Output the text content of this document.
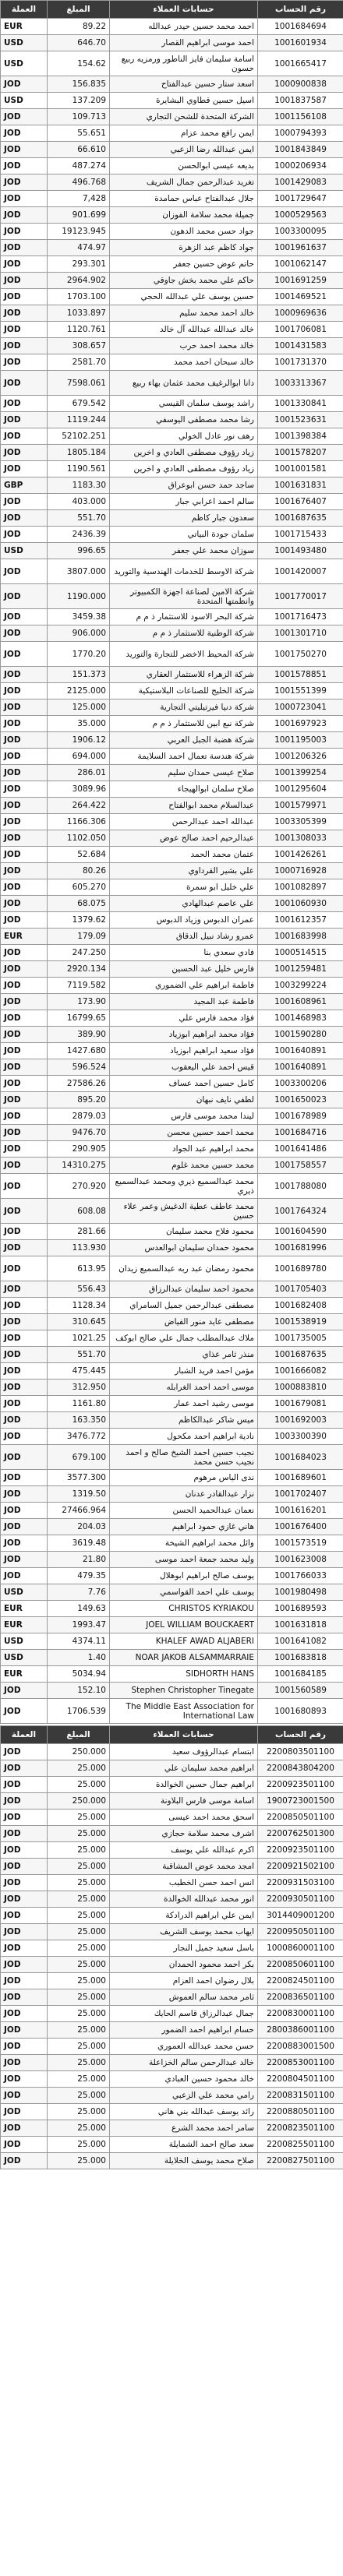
العملة	المبلغ	حسابات العملاء	رقم الحساب
EUR	89.22	احمد محمد حسين حيدر عبدالله	1001684694
USD	646.70	احمد موسى ابراهيم القصار	1001601934
USD	154.62	اسامة سليمان فايز الناطور ورمزيه ربيع حسون	1001665417
JOD	156.835	اسعد ستار حسين عبدالفتاح	1000900838
USD	137.209	اسيل حسين قطاوي البشايرة	1001837587
JOD	109.713	الشركة المتحدة للشحن التجاري	1001156108
JOD	55.651	ايمن رافع محمد عزام	1000794393
JOD	66.610	ايمن عبدالله رضا الزعبي	1001843849
JOD	487.274	بديعه عيسى ابوالحسن	1000206934
JOD	496.768	تغريد عبدالرحمن جمال الشريف	1001429083
JOD	7,428	جلال عبدالفتاح عباس حمامدة	1001729647
JOD	901.699	جميلة محمد سلامة الفوزان	1000529563
JOD	19123.945	جواد حسن محمد الدهون	1003300095
JOD	474.97	جواد كاظم عبد الزهرة	1001961637
JOD	293.301	حاتم عوض حسين جعفر	1001062147
JOD	2964.902	حاكم علي محمد بخش جاوقي	1001691259
JOD	1703.100	حسين يوسف علي عبدالله الحجي	1001469521
JOD	1033.897	خالد احمد محمد سليم	1000969636
JOD	1120.761	خالد عبدالله عبدالله آل خالد	1001706081
JOD	308.657	خالد محمد احمد حرب	1001431583
JOD	2581.70	خالد سبحان احمد محمد	1001731370
JOD	7598.061	دانا ابوالرغيف محمد عثمان بهاء ربيع	1003313367
JOD	679.542	راشد يوسف سلمان القيسي	1001330841
JOD	1119.244	رشا محمد مصطفى اليوسفي	1001523631
JOD	52102.251	رهف نور عادل الخولي	1001398384
JOD	1805.184	زياد رؤوف مصطفى العادي و اخرين	1001578207
JOD	1190.561	زياد رؤوف مصطفى العادي و اخرين	1001001581
GBP	1183.30	ساجد حمد حسن ابوعراق	1001631831
JOD	403.000	سالم احمد اعرابي جبار	1001676407
JOD	551.70	سعدون جبار كاظم	1001687635
JOD	2436.39	سلمان جودة البياتي	1001715433
USD	996.65	سوزان محمد علي جعفر	1001493480
JOD	3807.000	شركة الاوسط للخدمات الهندسية والتوريد	1001420007
JOD	1190.000	شركة الامين لصناعة اجهزة الكمبيوتر وانظمتها المتحدة	1001770017
JOD	3459.38	شركة البحر الاسود للاستثمار ذ م م	1001716473
JOD	906.000	شركة الوطنية للاستثمار ذ م م	1001301710
JOD	1770.20	شركة المحيط الاخضر للتجارة والتوريد	1001750270
JOD	151.373	شركة الزهراء للاستثمار العقاري	1001578851
JOD	2125.000	شركة الخليج للصناعات البلاستيكية	1001551399
JOD	125.000	شركة دنيا فيرتيليتي التجارية	1000723041
JOD	35.000	شركة نبع ابين للاستثمار ذ م م	1001697923
JOD	1906.12	شركة هضبة الجبل العربي	1001195003
JOD	694.000	شركة هندسة تعمال احمد السلايمة	1001206326
JOD	286.01	صلاح عيسى حمدان سليم	1001399254
JOD	3089.96	صلاح سلمان ابوالهيجاء	1001295604
JOD	264.422	عبدالسلام محمد ابوالفتاح	1001579971
JOD	1166.306	عبدالله احمد عبدالرحمن	1003305399
JOD	1102.050	عبدالرحيم احمد صالح عوض	1001308033
JOD	52.684	عثمان محمد الحمد	1001426261
JOD	80.26	علي بشير القرداوي	1000716928
JOD	605.270	علي خليل ابو سمرة	1001082897
JOD	68.075	علي عاصم عبدالهادي	1001060930
JOD	1379.62	عمران الدبوس وزياد الدبوس	1001612357
EUR	179.09	عمرو رشاد نبيل الدقاق	1001683998
JOD	247.250	فادي سعدي بنا	1000514515
JOD	2920.134	فارس خليل عبد الحسين	1001259481
JOD	7119.582	فاطمة ابراهيم علي الضموري	1003299224
JOD	173.90	فاطمة عبد المجيد	1001608961
JOD	16799.65	فؤاد محمد فارس علي	1001468983
JOD	389.90	فؤاد محمد ابراهيم ابوزياد	1001590280
JOD	1427.680	فؤاد سعيد ابراهيم ابوزياد	1001640891
JOD	596.524	قيس احمد علي اليعقوب	1001640891
JOD	27586.26	كامل حسين احمد عساف	1003300206
JOD	895.20	لطفي نايف نبهان	1001650023
JOD	2879.03	ليندا محمد موسى فارس	1001678989
JOD	9476.70	محمد احمد حسين محسن	1001684716
JOD	290.905	محمد ابراهيم عبد الجواد	1001641486
JOD	14310.275	محمد حسين محمد غلوم	1001758557
JOD	270.920	محمد عبدالسميع ذيري ومحمد عبدالسميع ذيري	1001788080
JOD	608.08	محمد عاطف عطية الدغيش وعمر علاء حسين	1001764324
JOD	281.66	محمود فلاح محمد سليمان	1001604590
JOD	113.930	محمود حمدان سليمان ابوالعدس	1001681996
JOD	613.95	محمود رمضان عبد ربه عبدالسميع زيدان	1001689780
JOD	556.43	محمود احمد سليمان عبدالرزاق	1001705403
JOD	1128.34	مصطفى عبدالرحمن جميل السامراي	1001682408
JOD	310.645	مصطفى عايد منور الفياض	1001538919
JOD	1021.25	ملاك عبدالمطلب جمال علي صالح ابوكف	1001735005
JOD	551.70	منذر ثامر عذاي	1001687635
JOD	475.445	مؤمن احمد فريد الشبار	1001666082
JOD	312.950	موسى احمد احمد الغرابله	1000883810
JOD	1161.80	موسى رشيد احمد عمار	1001679081
JOD	163.350	ميس شاكر عبدالكاظم	1001692003
JOD	3476.772	نادية ابراهيم احمد مكحول	1003300390
JOD	679.100	نجيب حسين احمد الشيخ صالح و احمد نجيب حسن محمد	1001684023
JOD	3577.300	ندى الياس مرهوم	1001689601
JOD	1319.50	نزار عبدالقادر عدنان	1001702407
JOD	27466.964	نعمان عبدالحميد الحسن	1001616201
JOD	204.03	هاني غازي حمود ابراهيم	1001676400
JOD	3619.48	وائل محمد ابراهيم الشيخة	1001573519
JOD	21.80	وليد محمد جمعة احمد موسى	1001623008
JOD	479.35	يوسف صالح ابراهيم ابوهلال	1001766033
USD	7.76	يوسف علي احمد القواسمي	1001980498
EUR	149.63	CHRISTOS KYRIAKOU	1001689593
EUR	1993.47	JOEL WILLIAM BOUCKAERT	1001631818
USD	4374.11	KHALEF AWAD ALJABERI	1001641082
USD	1.40	NOAR JAKOB ALSAMMARRAIE	1001683818
EUR	5034.94	SIDHORTH HANS	1001684185
JOD	152.10	Stephen Christopher Tinegate	1001560589
JOD	1706.539	The Middle East Association for International Law	1001680893
العملة	المبلغ	حسابات العملاء	رقم الحساب
JOD	250.000	ابتسام عبدالرؤوف سعيد	2200803501100
JOD	25.000	ابراهيم محمد سليمان علي	2200843804200
JOD	25.000	ابراهيم جمال حسين الخوالدة	2200923501100
JOD	250.000	اسامة موسى فارس البلاونة	1900723001500
JOD	25.000	اسحق محمد احمد عيسى	2200850501100
JOD	25.000	اشرف محمد سلامة حجازي	2200762501300
JOD	25.000	اكرم عبدالله علي يوسف	2200923501100
JOD	25.000	امجد محمد عوض المشاقبة	2200921502100
JOD	25.000	انس احمد حسن الخطيب	2200931503100
JOD	25.000	انور محمد عبدالله الخوالدة	2200930501100
JOD	25.000	ايمن علي ابراهيم الدرادكة	3014409001200
JOD	25.000	ايهاب محمد يوسف الشريف	2200950501100
JOD	25.000	باسل سعيد جميل النجار	1000860001100
JOD	25.000	بكر احمد محمود الحمدان	2200850601100
JOD	25.000	بلال رضوان احمد العزام	2200824501100
JOD	25.000	ثامر محمد سالم العموش	2200836501100
JOD	25.000	جمال عبدالرزاق قاسم الحايك	2200830001100
JOD	25.000	حسام ابراهيم احمد الضمور	2800386001100
JOD	25.000	حسن محمد عبدالله العموري	2200883001500
JOD	25.000	خالد عبدالرحمن سالم الخزاعلة	2200853001100
JOD	25.000	خالد محمود حسين العبادي	2200804501100
JOD	25.000	رامي محمد علي الزعبي	2200831501100
JOD	25.000	رائد يوسف عبدالله بني هاني	2200880501100
JOD	25.000	سامر احمد محمد الشرع	2200823501100
JOD	25.000	سعد صالح احمد الشمايلة	2200825501100
JOD	25.000	صلاح محمد يوسف الخلايلة	2200827501100
